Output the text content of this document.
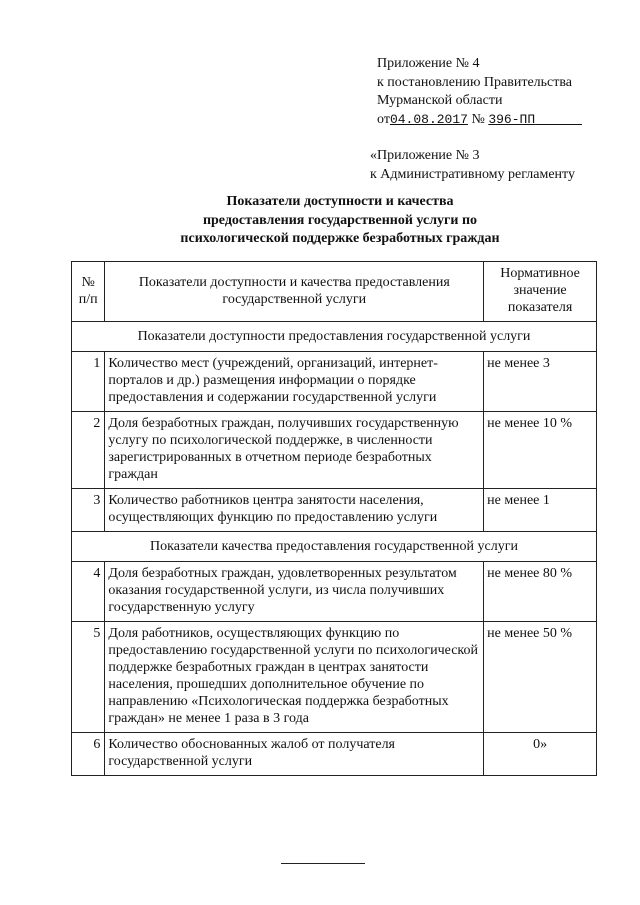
Приложение № 4
к постановлению Правительства
Мурманской области
от04.08.2017 № 396-ПП
«Приложение № 3
к Административному регламенту
Показатели доступности и качества
предоставления государственной услуги по
психологической поддержке безработных граждан
№ п/п	Показатели доступности и качества предоставления государственной услуги	Нормативное значение показателя
Показатели доступности предоставления государственной услуги		
1	Количество мест (учреждений, организаций, интернет-порталов и др.) размещения информации о порядке предоставления и содержании государственной услуги	не менее 3
2	Доля безработных граждан, получивших государственную услугу по психологической поддержке, в численности зарегистрированных в отчетном периоде безработных граждан	не менее 10 %
3	Количество работников центра занятости населения, осуществляющих функцию по предоставлению услуги	не менее 1
Показатели качества предоставления государственной услуги		
4	Доля безработных граждан, удовлетворенных результатом оказания государственной услуги, из числа получивших государственную услугу	не менее 80 %
5	Доля работников, осуществляющих функцию по предоставлению государственной услуги по психологической поддержке безработных граждан в центрах занятости населения, прошедших дополнительное обучение по направлению «Психологическая поддержка безработных граждан» не менее 1 раза в 3 года	не менее 50 %
6	Количество обоснованных жалоб от получателя государственной услуги	0»
